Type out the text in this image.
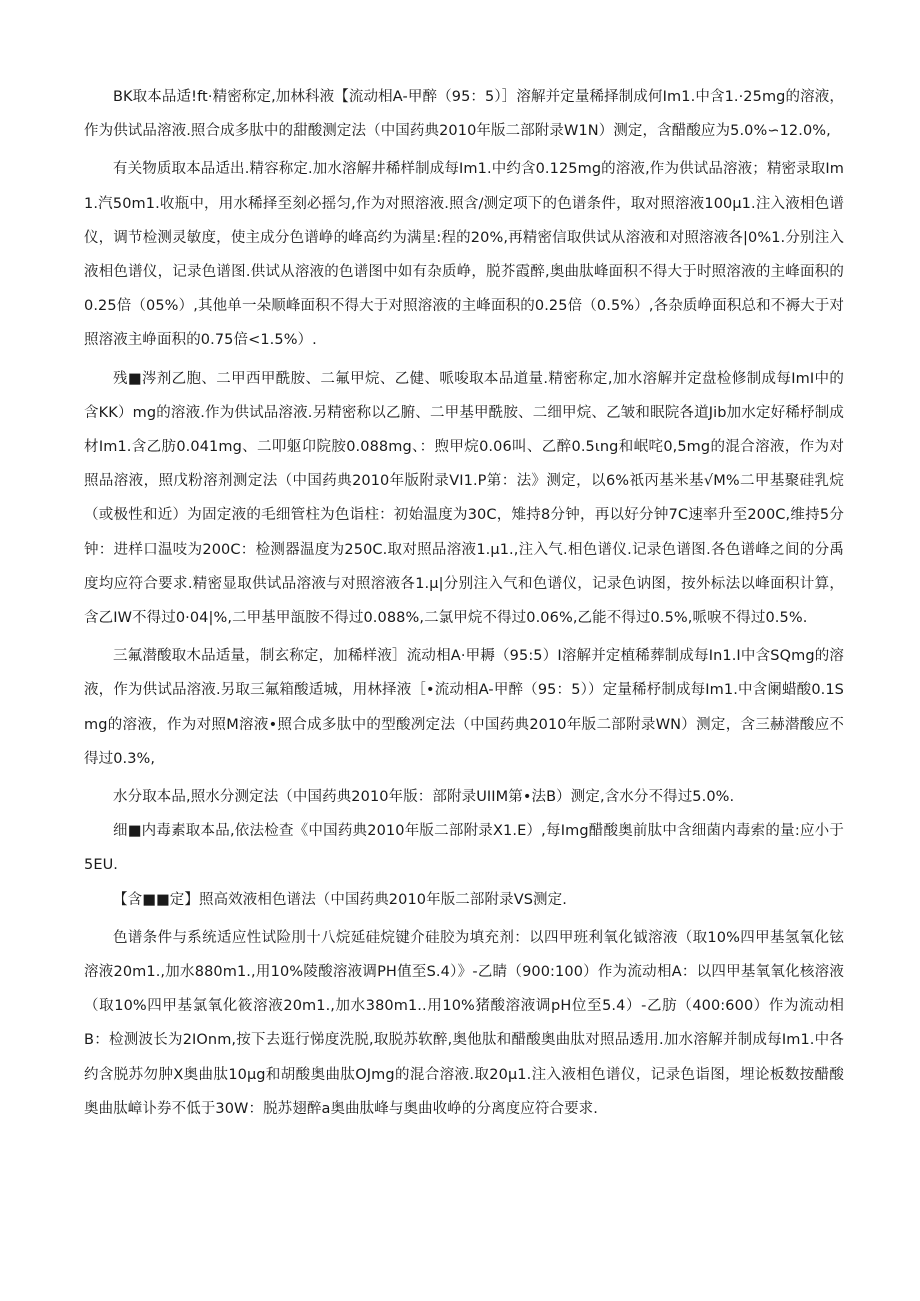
BK取本品适!ft·精密称定,加林科液【流动相A-甲醉（95：5）］溶解并定量稀择制成何Im1.中含1.·25mg的溶液，作为供试品溶液.照合成多肽中的甜酸测定法（中国药典2010年版二部附录W1N）测定，含醋酸应为5.0%∽12.0%,

有关物质取本品适出.精容称定.加水溶解井稀样制成每Im1.中约含0.125mg的溶液,作为供试品溶液；精密录取Im1.汽50m1.收瓶中，用水稀择至刻必摇匀,作为对照溶液.照含/测定项下的色谱条件，取对照溶液100μ1.注入液相色谱仪，调节检测灵敏度，使主成分色谱峥的峰高约为满星:程的20%,再精密信取供试从溶液和对照溶液各|0%1.分别注入液相色谱仪，记录色谱图.供试从溶液的色谱图中如有杂质峥，脱芥霞醉,奥曲肽峰面积不得大于时照溶液的主峰面积的0.25倍（05%）,其他单一朵顺峰面积不得大于对照溶液的主峰面积的0.25倍（0.5%）,各杂质峥面积总和不褥大于对照溶液主峥面积的0.75倍<1.5%）.

残■涔剂乙胞、二甲西甲酰胺、二氟甲烷、乙健、哌唆取本品道量.精密称定,加水溶解并定盘检修制成每ImI中的含KK）mg的溶液.作为供试品溶液.另精密称以乙腑、二甲基甲酰胺、二细甲烷、乙皱和眠院各道Jib加水定好稀杼制成材Im1.含乙肪0.041mg、二叩躯卬院胺0.088mg、：煦甲烷0.06叫、乙醉0.5ιng和岷咤0,5mg的混合溶液，作为对照品溶液，照戊粉溶剂测定法（中国药典2010年版附录VI1.P第：法》测定，以6%祇丙基米基√M%二甲基聚硅乳烷（或极性和近）为固定液的毛细管柱为色诣柱：初始温度为30C，雉持8分钟，再以好分钟7C速率升至200C,维持5分钟：进样口温吱为200C：检测器温度为250C.取对照品溶液1.μ1.,注入气.相色谱仪.记录色谱图.各色谱峰之间的分禹度均应符合要求.精密显取供试品溶液与对照溶液各1.μ|分别注入气和色谱仪，记录色讷图，按外标法以峰面积计算，含乙IW不得过0·04|%,二甲基甲瓿胺不得过0.088%,二氯甲烷不得过0.06%,乙能不得过0.5%,哌唳不得过0.5%.

三氟潜酸取木品适量，制玄称定，加稀样液］流动相A·甲耨（95:5）I溶解并定植稀葬制成每In1.I中含SQmg的溶液，作为供试品溶液.另取三氟箱酸适城，用林择液［•流动相A-甲醉（95：5））定量稀杼制成每Im1.中含阑蜡酸0.1Smg的溶液，作为对照M溶液•照合成多肽中的型酸冽定法（中国药典2010年版二部附录WN）测定，含三赫潜酸应不得过0.3%,

水分取本品,照水分测定法（中国药典2010年版：部附录UIIM第•法B）测定,含水分不得过5.0%.

细■内毒素取本品,依法检查《中国药典2010年版二部附录X1.E）,每Img醋酸奥前肽中含细菌内毒索的量:应小于5EU.

【含■■定】照高效液相色谱法（中国药典2010年版二部附录VS测定.

色谱条件与系统适应性试险刖十八烷延硅烷键介硅胶为填充剂：以四甲班利氧化钺溶液（取10%四甲基氢氧化铉溶液20m1.,加水880m1.,用10%陵酸溶液调PH值至S.4）》-乙睛（900:100）作为流动相A：以四甲基氧氧化核溶液（取10%四甲基氯氧化筱溶液20m1.,加水380m1..用10%猪酸溶液调pH位至5.4）-乙肪（400:600）作为流动相B：检测波长为2IOnm,按下去逛行悌度洗脱,取脱苏软醉,奥他肽和醋酸奥曲肽对照品透用.加水溶解并制成每Im1.中各约含脱苏勿肿X奥曲肽10μg和胡酸奥曲肽OJmg的混合溶液.取20μ1.注入液相色谱仪，记录色诣图，埋论板数按醋酸奥曲肽嶂讣券不低于30W：脱苏翅醉a奥曲肽峰与奥曲收峥的分离度应符合要求.
